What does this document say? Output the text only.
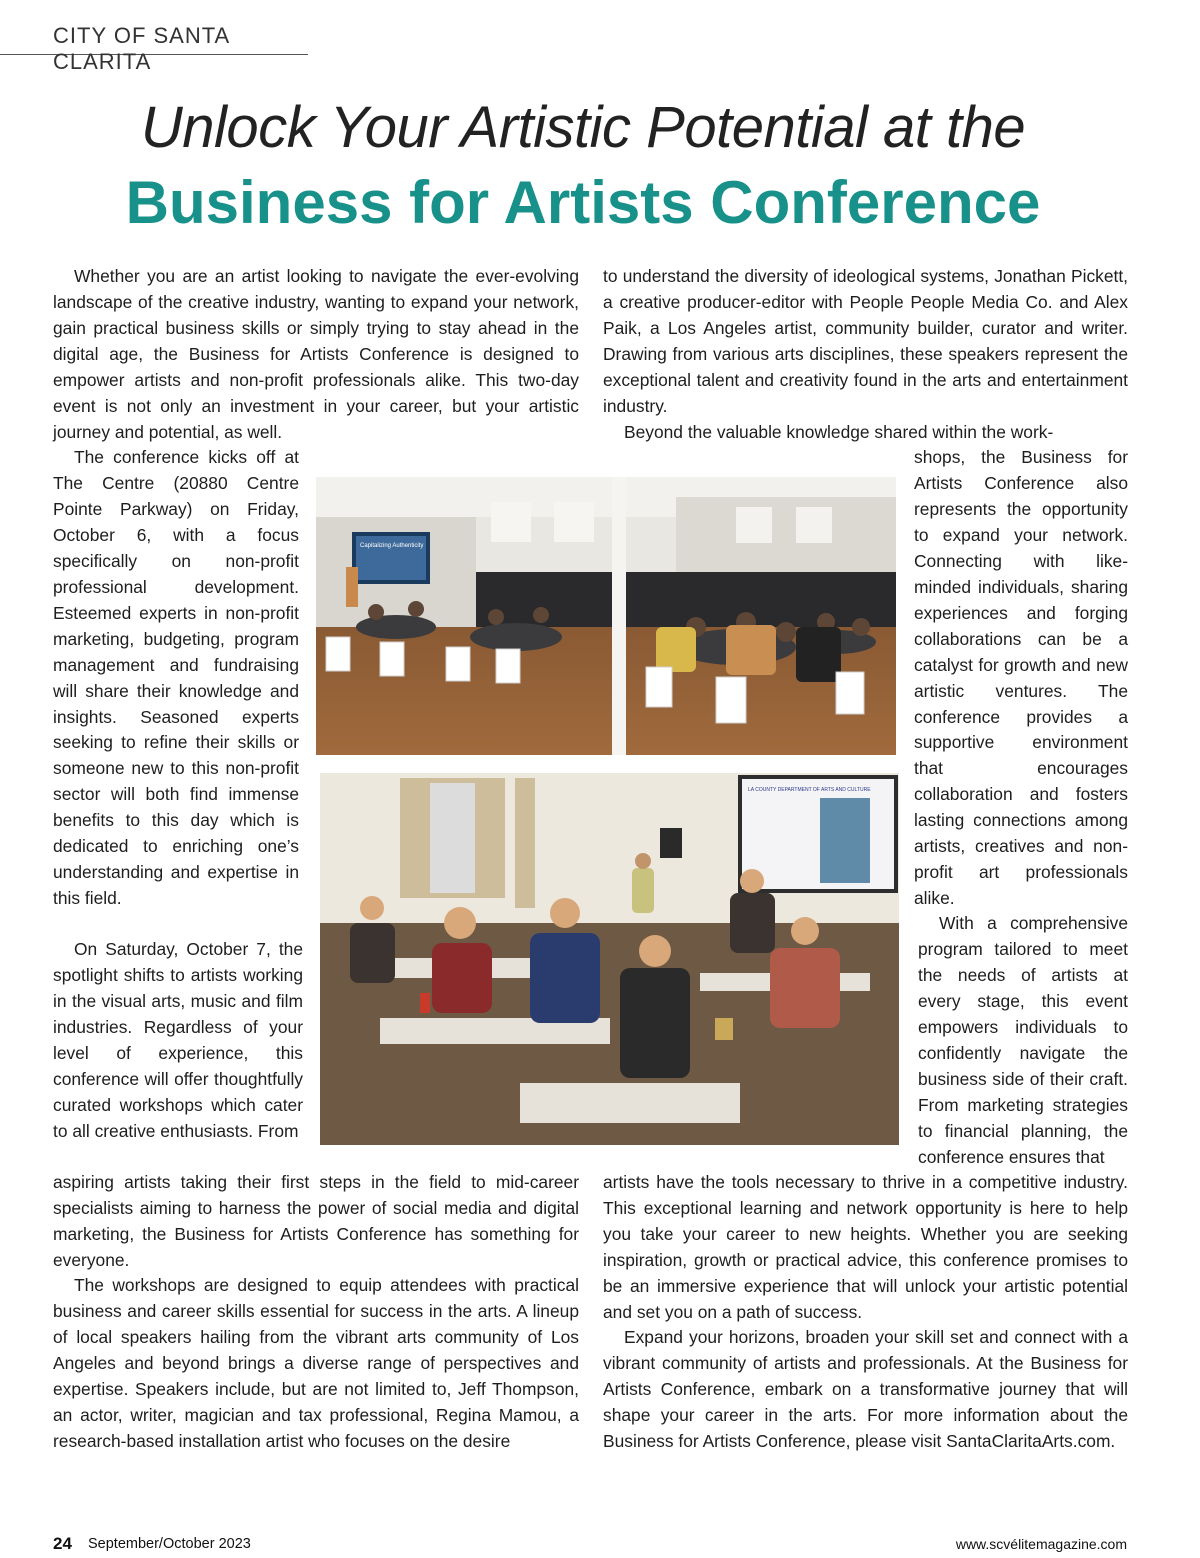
CITY OF SANTA CLARITA
Unlock Your Artistic Potential at the
Business for Artists Conference

Whether you are an artist looking to navigate the ever-evolving landscape of the creative industry, wanting to expand your network, gain practical business skills or simply trying to stay ahead in the digital age, the Business for Artists Conference is designed to empower artists and non-profit professionals alike. This two-day event is not only an investment in your career, but your artistic journey and potential, as well.

The conference kicks off at The Centre (20880 Centre Pointe Parkway) on Friday, October 6, with a focus specifically on non-profit professional development. Esteemed experts in non-profit marketing, budgeting, program management and fundraising will share their knowledge and insights. Seasoned experts seeking to refine their skills or someone new to this non-profit sector will both find immense benefits to this day which is dedicated to enriching one’s understanding and expertise in this field.

On Saturday, October 7, the spotlight shifts to artists working in the visual arts, music and film industries. Regardless of your level of experience, this conference will offer thoughtfully curated workshops which cater to all creative enthusiasts. From

aspiring artists taking their first steps in the field to mid-career specialists aiming to harness the power of social media and digital marketing, the Business for Artists Conference has something for everyone.

The workshops are designed to equip attendees with practical business and career skills essential for success in the arts. A lineup of local speakers hailing from the vibrant arts community of Los Angeles and beyond brings a diverse range of perspectives and expertise. Speakers include, but are not limited to, Jeff Thompson, an actor, writer, magician and tax professional, Regina Mamou, a research-based installation artist who focuses on the desire

to understand the diversity of ideological systems, Jonathan Pickett, a creative producer-editor with People People Media Co. and Alex Paik, a Los Angeles artist, community builder, curator and writer. Drawing from various arts disciplines, these speakers represent the exceptional talent and creativity found in the arts and entertainment industry.

Beyond the valuable knowledge shared within the work-

shops, the Business for Artists Conference also represents the opportunity to expand your network. Connecting with like-minded individuals, sharing experiences and forging collaborations can be a catalyst for growth and new artistic ventures. The conference provides a supportive environment that encourages collaboration and fosters lasting connections among artists, creatives and non-profit art professionals alike.

With a comprehensive program tailored to meet the needs of artists at every stage, this event empowers individuals to confidently navigate the business side of their craft. From marketing strategies to financial planning, the conference ensures that

artists have the tools necessary to thrive in a competitive industry. This exceptional learning and network opportunity is here to help you take your career to new heights. Whether you are seeking inspiration, growth or practical advice, this conference promises to be an immersive experience that will unlock your artistic potential and set you on a path of success.

Expand your horizons, broaden your skill set and connect with a vibrant community of artists and professionals. At the Business for Artists Conference, embark on a transformative journey that will shape your career in the arts. For more information about the Business for Artists Conference, please visit SantaClaritaArts.com.

Capitalizing Authenticity
LA COUNTY DEPARTMENT OF ARTS AND CULTURE
24 September/October 2023	www.scvélitemagazine.com
